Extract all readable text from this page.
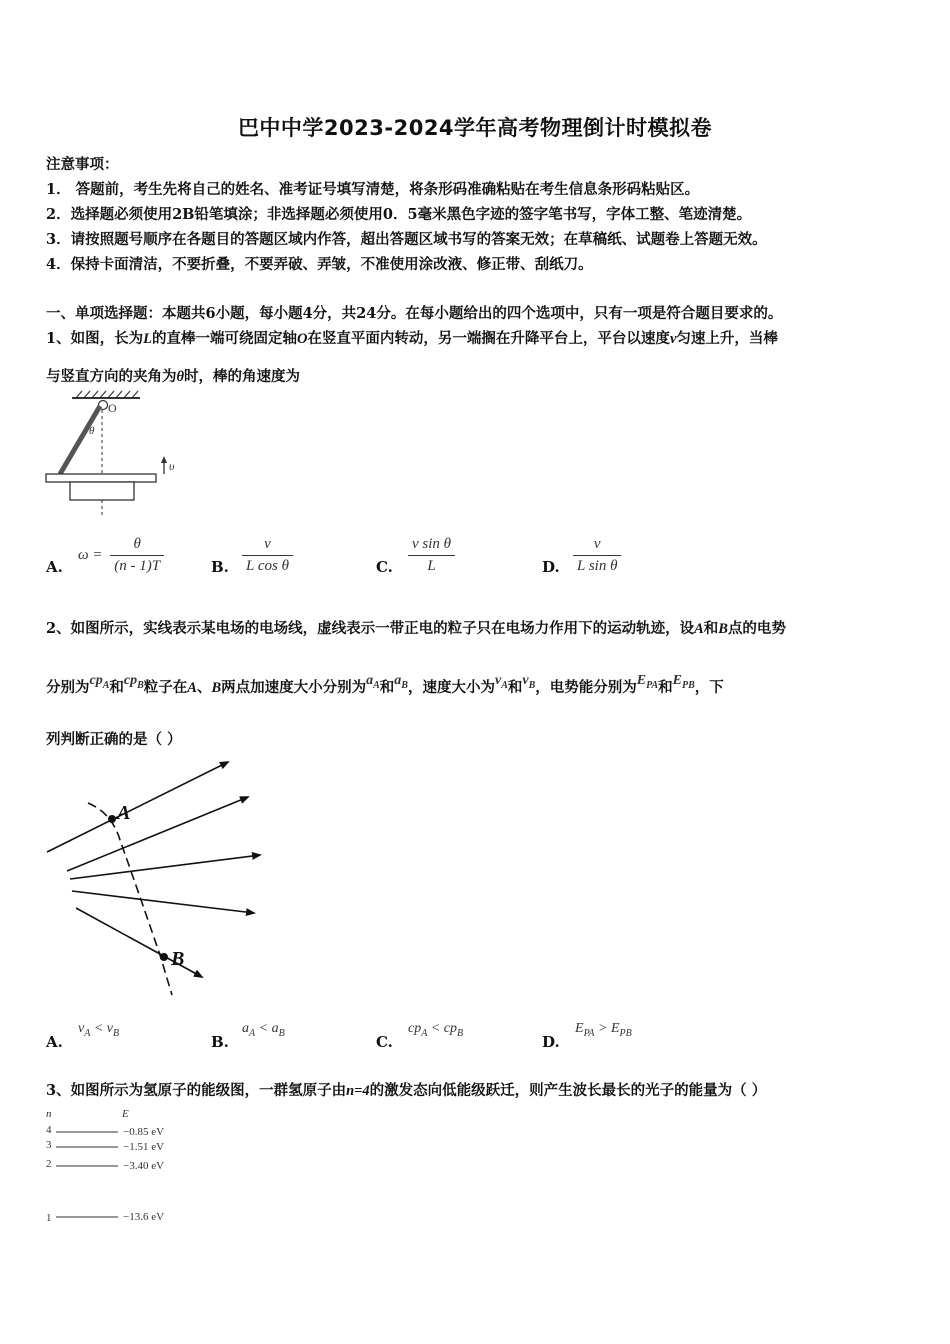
巴中中学2023-2024学年高考物理倒计时模拟卷
注意事项：
1． 答题前，考生先将自己的姓名、准考证号填写清楚，将条形码准确粘贴在考生信息条形码粘贴区。
2．选择题必须使用2B铅笔填涂；非选择题必须使用0．5毫米黑色字迹的签字笔书写，字体工整、笔迹清楚。
3．请按照题号顺序在各题目的答题区域内作答，超出答题区域书写的答案无效；在草稿纸、试题卷上答题无效。
4．保持卡面清洁，不要折叠，不要弄破、弄皱，不准使用涂改液、修正带、刮纸刀。
一、单项选择题：本题共6小题，每小题4分，共24分。在每小题给出的四个选项中，只有一项是符合题目要求的。
1、如图，长为L的直棒一端可绕固定轴O在竖直平面内转动，另一端搁在升降平台上，平台以速度v匀速上升，当棒
与竖直方向的夹角为θ时，棒的角速度为
O
θ
υ
A.
$\omega = \frac{\theta}{(n - 1)T}$	B. $\frac{v}{\text{L cos θ}}$	C. $\frac{\text{v sin θ}}{L}$	D. $\frac{v}{\text{L sin θ}}$
2、如图所示，实线表示某电场的电场线，虚线表示一带正电的粒子只在电场力作用下的运动轨迹，设A和B点的电势
分别为$cp_A$和$cp_B$粒子在A、B两点加速度大小分别为$a_A$和$a_B$，速度大小为$v_A$和$v_B$，电势能分别为$E_{PA}$和$E_{PB}$，下
列判断正确的是（ ）
A
B
A.
$v_A < v_B$	B.
$a_A < a_B$	C.
$cp_A < cp_B$	D.
$E_{PA} > E_{PB}$
3、如图所示为氢原子的能级图，一群氢原子由n=4的激发态向低能级跃迁，则产生波长最长的光子的能量为（ ）
n	E
4	−0.85 eV
3	−1.51 eV
2	−3.40 eV
1	−13.6 eV
